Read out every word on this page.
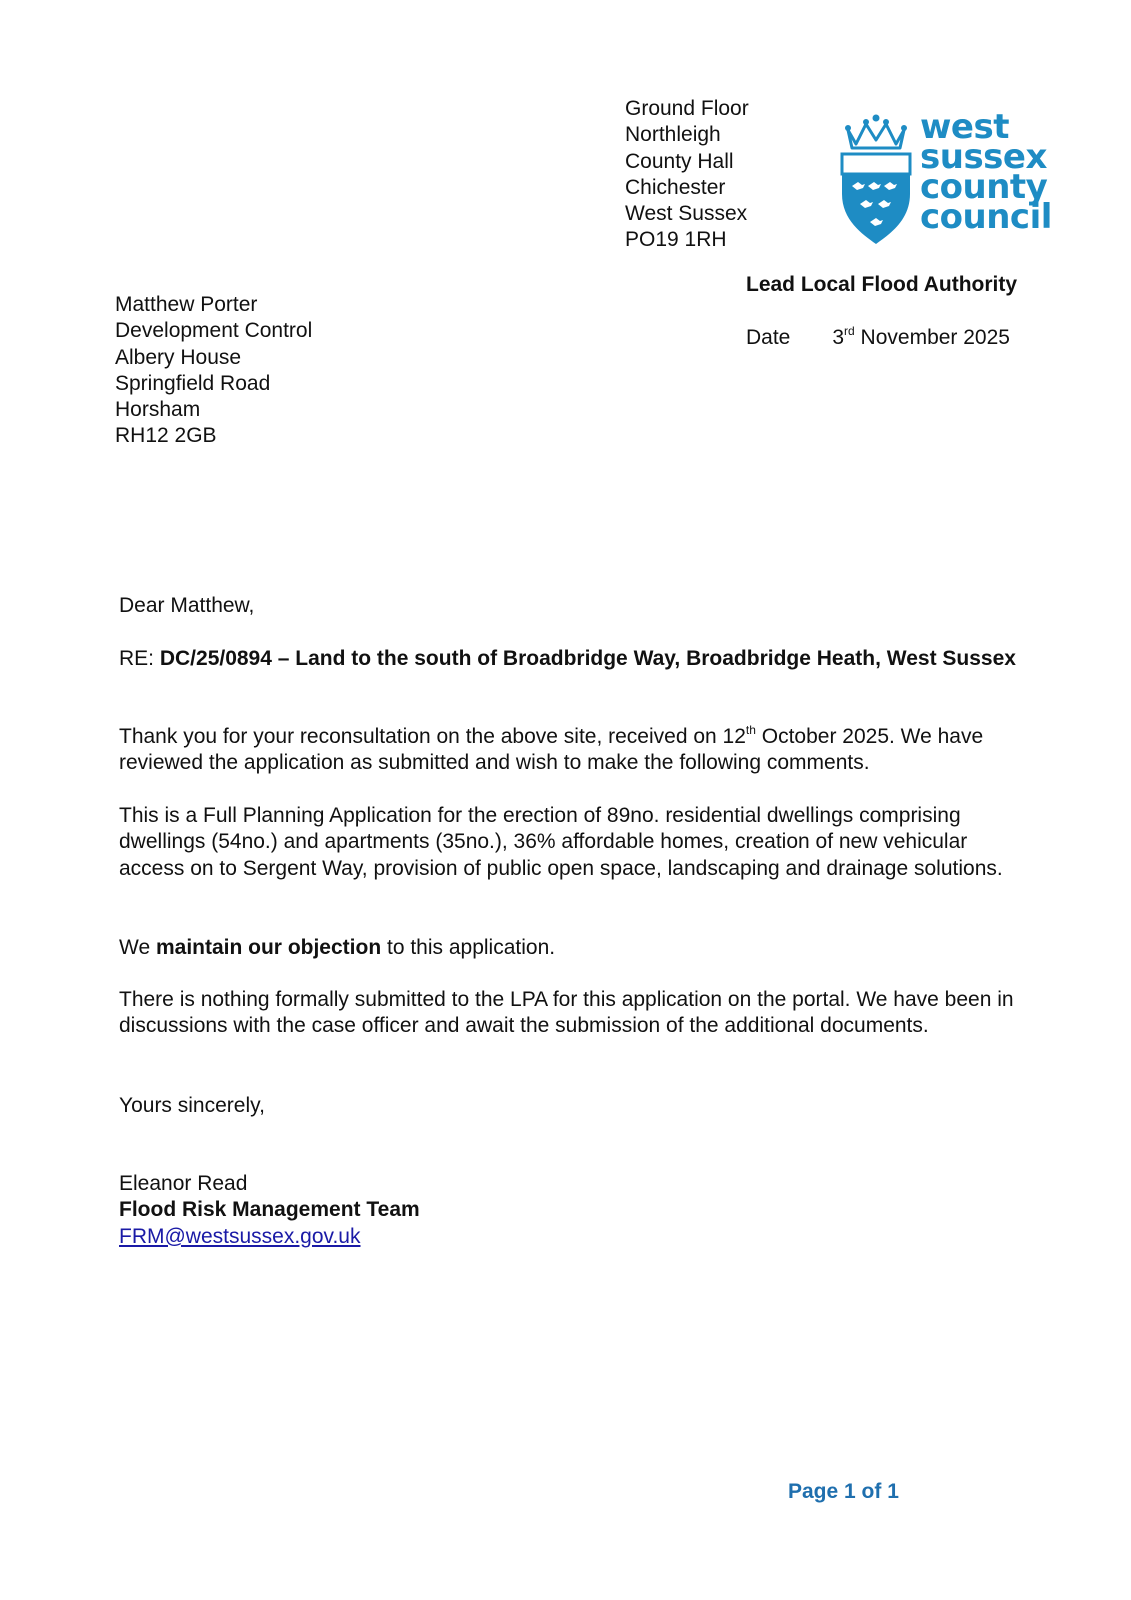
Ground Floor
Northleigh
County Hall
Chichester
West Sussex
PO19 1RH
west
sussex
county
council
Lead Local Flood Authority
Date 3rd November 2025
Matthew Porter
Development Control
Albery House
Springfield Road
Horsham
RH12 2GB
Dear Matthew,
RE: DC/25/0894 – Land to the south of Broadbridge Way, Broadbridge Heath, West Sussex
Thank you for your reconsultation on the above site, received on 12th October 2025. We have reviewed the application as submitted and wish to make the following comments.
This is a Full Planning Application for the erection of 89no. residential dwellings comprising dwellings (54no.) and apartments (35no.), 36% affordable homes, creation of new vehicular access on to Sergent Way, provision of public open space, landscaping and drainage solutions.
We maintain our objection to this application.
There is nothing formally submitted to the LPA for this application on the portal. We have been in discussions with the case officer and await the submission of the additional documents.
Yours sincerely,
Eleanor Read
Flood Risk Management Team
FRM@westsussex.gov.uk
Page 1 of 1
